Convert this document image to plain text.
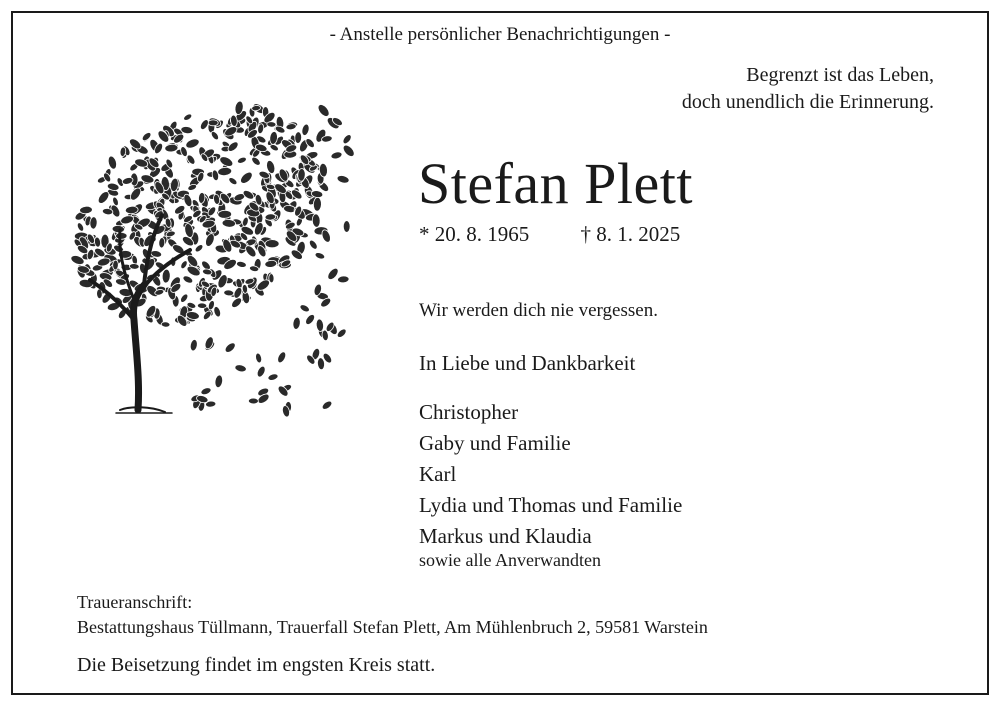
- Anstelle persönlicher Benachrichtigungen -
Begrenzt ist das Leben,
doch unendlich die Erinnerung.
Stefan Plett
* 20. 8. 1965 † 8. 1. 2025
Wir werden dich nie vergessen.
In Liebe und Dankbarkeit
Christopher
Gaby und Familie
Karl
Lydia und Thomas und Familie
Markus und Klaudia
sowie alle Anverwandten
Traueranschrift:
Bestattungshaus Tüllmann, Trauerfall Stefan Plett, Am Mühlenbruch 2, 59581 Warstein
Die Beisetzung findet im engsten Kreis statt.
